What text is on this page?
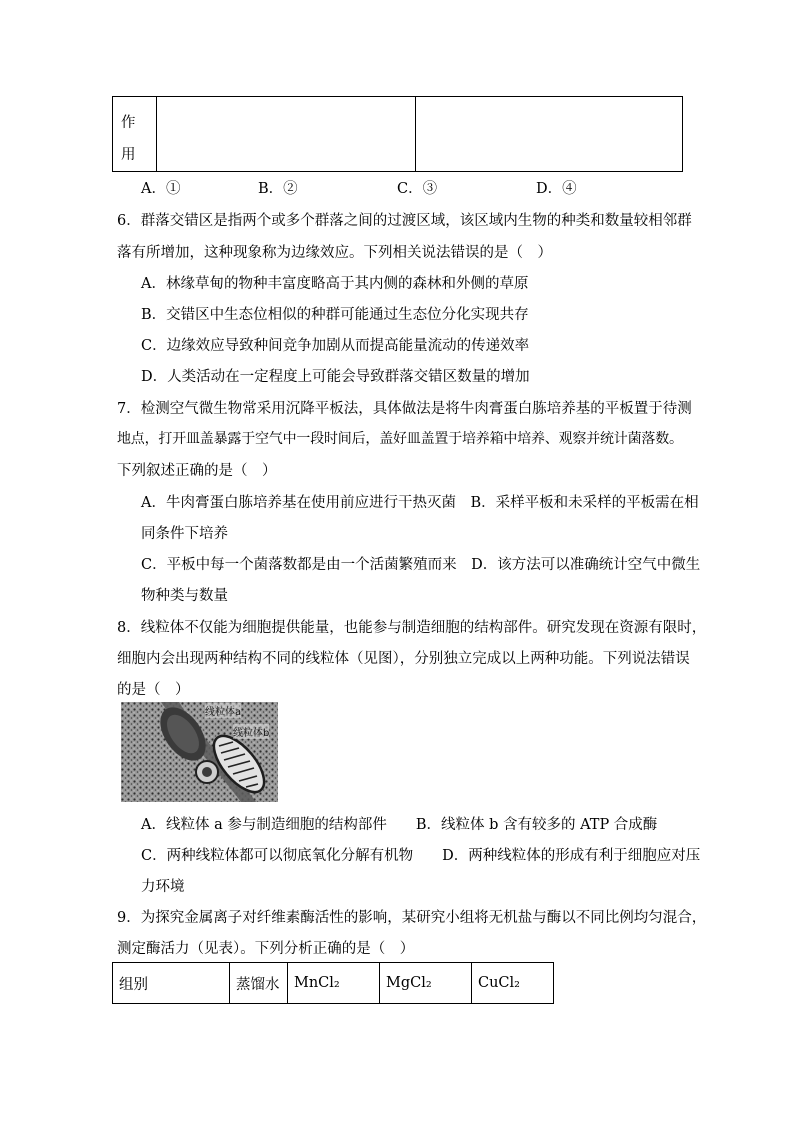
作
用

A．①	B．②	C．③	D．④
6．群落交错区是指两个或多个群落之间的过渡区域，该区域内生物的种类和数量较相邻群
落有所增加，这种现象称为边缘效应。下列相关说法错误的是（　）
A．林缘草甸的物种丰富度略高于其内侧的森林和外侧的草原
B．交错区中生态位相似的种群可能通过生态位分化实现共存
C．边缘效应导致种间竞争加剧从而提高能量流动的传递效率
D．人类活动在一定程度上可能会导致群落交错区数量的增加
7．检测空气微生物常采用沉降平板法，具体做法是将牛肉膏蛋白胨培养基的平板置于待测
地点，打开皿盖暴露于空气中一段时间后，盖好皿盖置于培养箱中培养、观察并统计菌落数。
下列叙述正确的是（　）
A．牛肉膏蛋白胨培养基在使用前应进行干热灭菌　B．采样平板和未采样的平板需在相
同条件下培养
C．平板中每一个菌落数都是由一个活菌繁殖而来　D．该方法可以准确统计空气中微生
物种类与数量
8．线粒体不仅能为细胞提供能量，也能参与制造细胞的结构部件。研究发现在资源有限时，
细胞内会出现两种结构不同的线粒体（见图），分别独立完成以上两种功能。下列说法错误
的是（　）
线粒体a
线粒体b
A．线粒体 a 参与制造细胞的结构部件　　B．线粒体 b 含有较多的 ATP 合成酶
C．两种线粒体都可以彻底氧化分解有机物　　D．两种线粒体的形成有利于细胞应对压
力环境
9．为探究金属离子对纤维素酶活性的影响，某研究小组将无机盐与酶以不同比例均匀混合，
测定酶活力（见表）。下列分析正确的是（　）
组别	蒸馏水	MnCl₂	MgCl₂	CuCl₂
